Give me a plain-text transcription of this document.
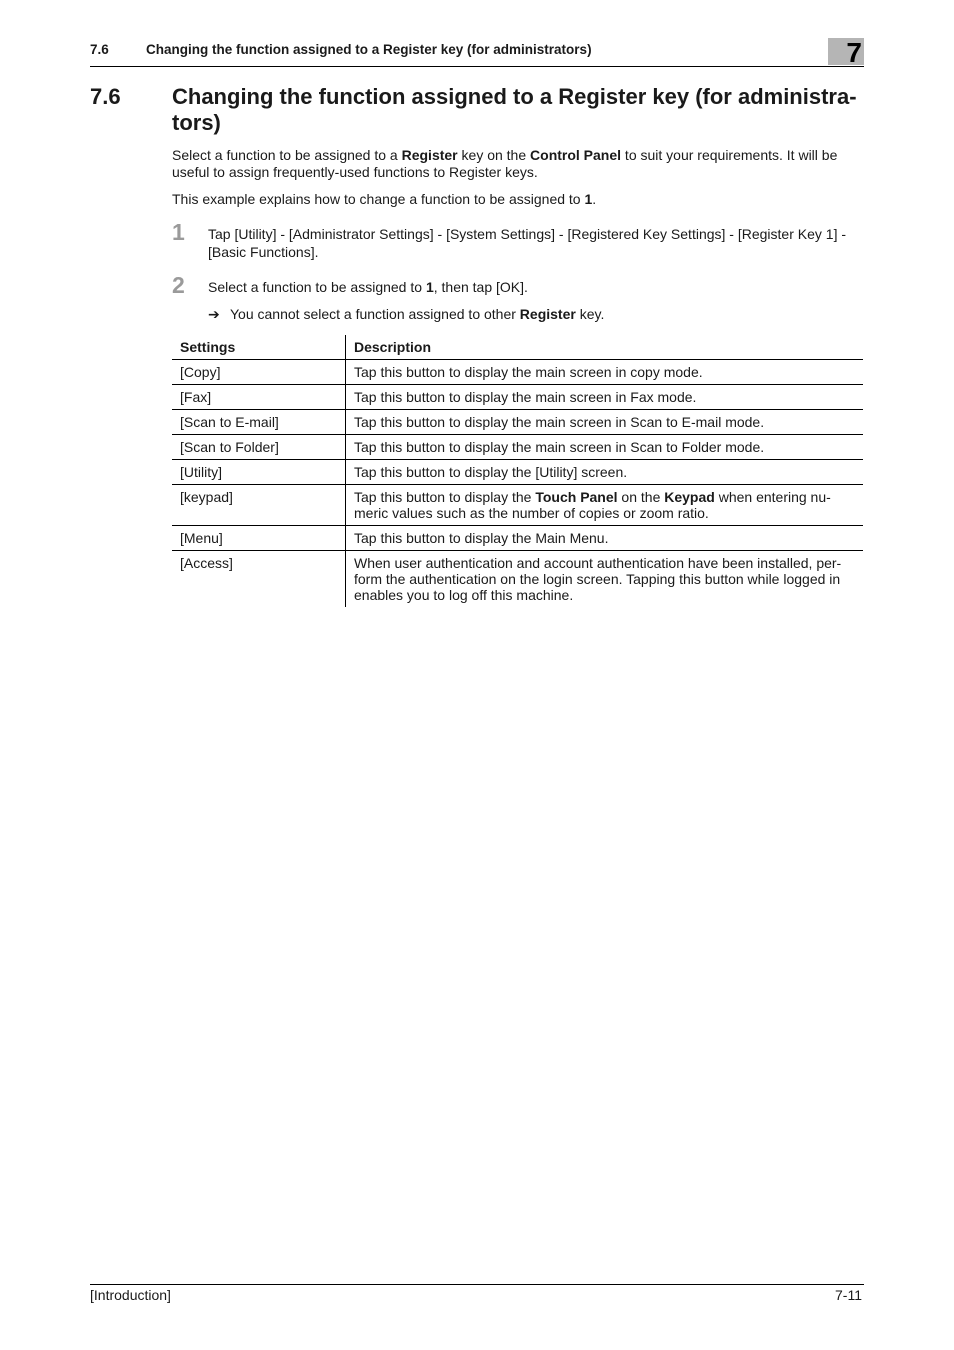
7.6	Changing the function assigned to a Register key (for administrators)	7
7.6 Changing the function assigned to a Register key (for administra-tors)
Select a function to be assigned to a Register key on the Control Panel to suit your requirements. It will be useful to assign frequently-used functions to Register keys.
This example explains how to change a function to be assigned to 1.
1 Tap [Utility] - [Administrator Settings] - [System Settings] - [Registered Key Settings] - [Register Key 1] - [Basic Functions].
2 Select a function to be assigned to 1, then tap [OK].
➔ You cannot select a function assigned to other Register key.
Settings	Description
[Copy]	Tap this button to display the main screen in copy mode.
[Fax]	Tap this button to display the main screen in Fax mode.
[Scan to E-mail]	Tap this button to display the main screen in Scan to E-mail mode.
[Scan to Folder]	Tap this button to display the main screen in Scan to Folder mode.
[Utility]	Tap this button to display the [Utility] screen.
[keypad]	Tap this button to display the Touch Panel on the Keypad when entering nu-meric values such as the number of copies or zoom ratio.
[Menu]	Tap this button to display the Main Menu.
[Access]	When user authentication and account authentication have been installed, per-form the authentication on the login screen. Tapping this button while logged in enables you to log off this machine.
[Introduction]	7-11
